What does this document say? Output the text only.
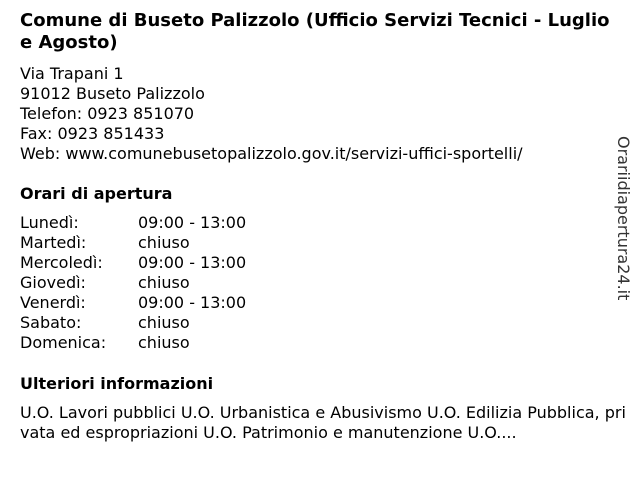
Comune di Buseto Palizzolo (Ufficio Servizi Tecnici - Luglio e Agosto)
Via Trapani 1
91012 Buseto Palizzolo
Telefon: 0923 851070
Fax: 0923 851433
Web: www.comunebusetopalizzolo.gov.it/servizi-uffici-sportelli/
Orari di apertura
Lunedì:	09:00 - 13:00
Martedì:	chiuso
Mercoledì: 09:00 - 13:00
Giovedì:	chiuso
Venerdì:	09:00 - 13:00
Sabato:	chiuso
Domenica: chiuso
Ulteriori informazioni

U.O. Lavori pubblici U.O. Urbanistica e Abusivismo U.O. Edilizia Pubblica, privata ed espropriazioni U.O. Patrimonio e manutenzione U.O....

Orariidiapertura24.it
